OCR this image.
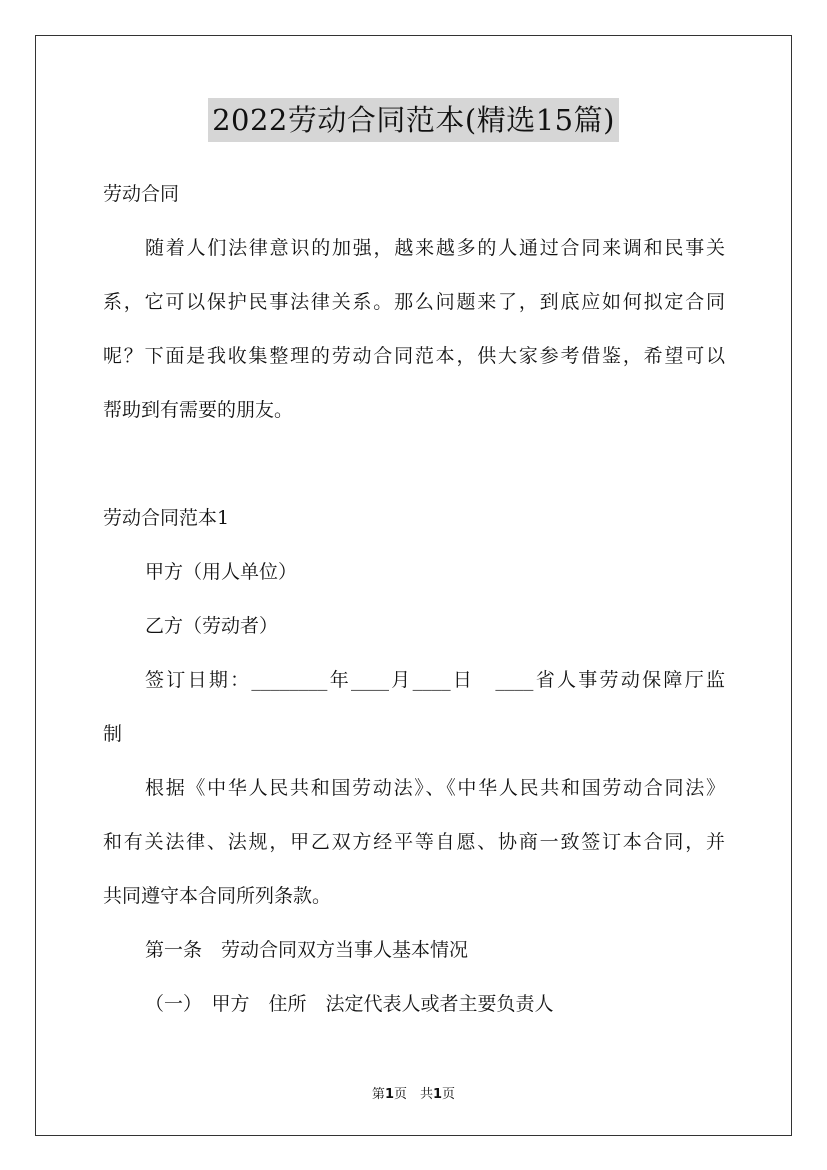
2022劳动合同范本(精选15篇)
劳动合同
随着人们法律意识的加强，越来越多的人通过合同来调和民事关
系，它可以保护民事法律关系。那么问题来了，到底应如何拟定合同
呢？下面是我收集整理的劳动合同范本，供大家参考借鉴，希望可以
帮助到有需要的朋友。
劳动合同范本1
甲方（用人单位）
乙方（劳动者）
签订日期：________年____月____日　____省人事劳动保障厅监
制
根据《中华人民共和国劳动法》、《中华人民共和国劳动合同法》
和有关法律、法规，甲乙双方经平等自愿、协商一致签订本合同，并
共同遵守本合同所列条款。
第一条　劳动合同双方当事人基本情况
（一）　甲方　住所　法定代表人或者主要负责人
第1页　共1页
